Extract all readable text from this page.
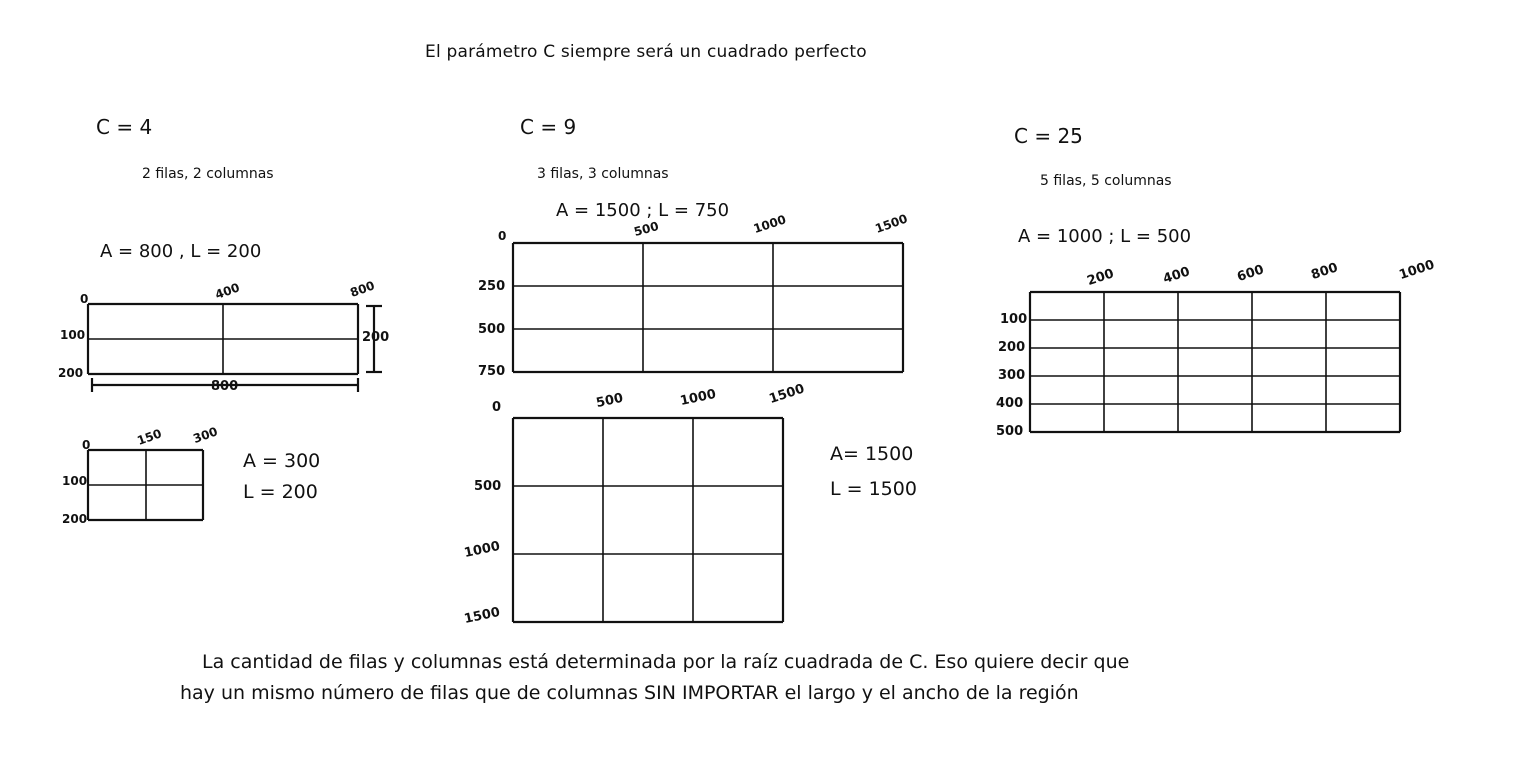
El parámetro C siempre será un cuadrado perfecto
C = 4
2 filas, 2 columnas
A = 800 , L = 200
0	400	800
100
200
800
200
0	150 300
100
200
A = 300
L = 200
C = 9
3 filas, 3 columnas
A = 1500 ; L = 750
0	500	1000	1500
250
500
750
0	500	1000	1500
500
1000
1500
A= 1500
L = 1500
C = 25
5 filas, 5 columnas
A = 1000 ; L = 500
200	400	600	800	1000
100
200
300
400
500
La cantidad de filas y columnas está determinada por la raíz cuadrada de C. Eso quiere decir que
hay un mismo número de filas que de columnas SIN IMPORTAR el largo y el ancho de la región
